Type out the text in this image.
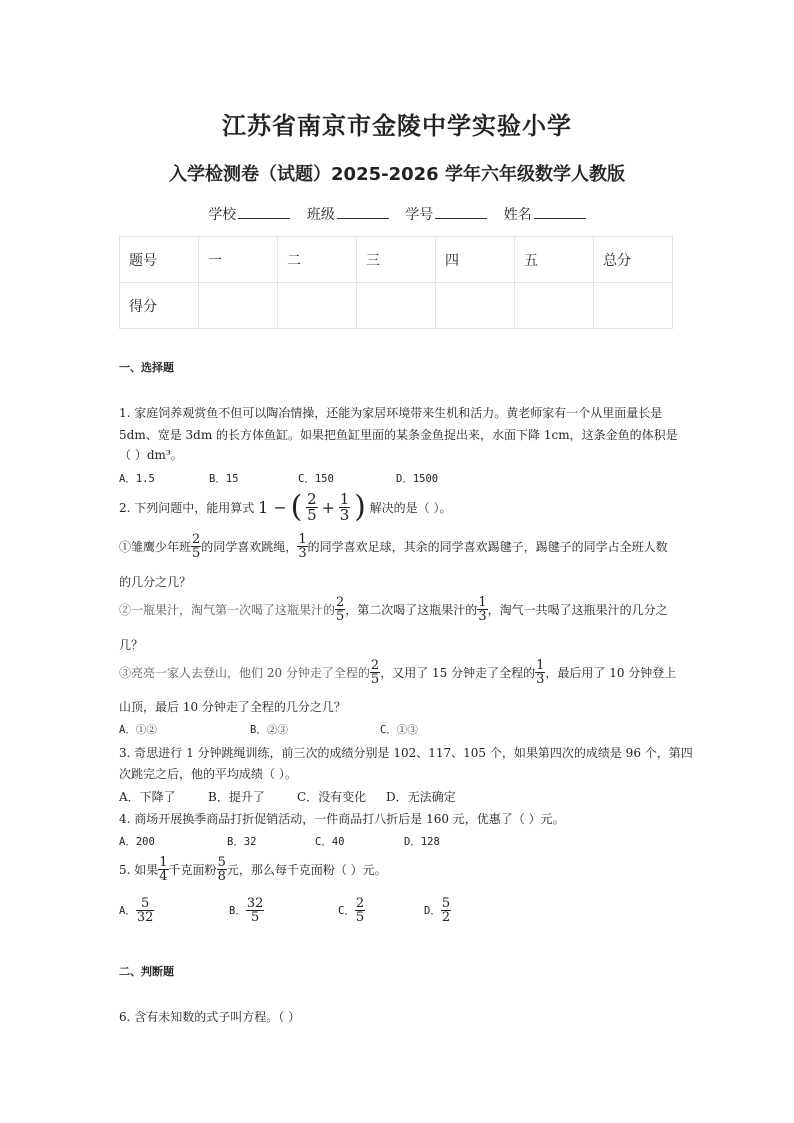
江苏省南京市金陵中学实验小学
入学检测卷（试题）2025-2026 学年六年级数学人教版
学校	班级	学号	姓名
题号	一	二	三	四	五	总分
得分						
一、选择题
1. 家庭饲养观赏鱼不但可以陶冶情操，还能为家居环境带来生机和活力。黄老师家有一个从里面量长是
5dm、宽是 3dm 的长方体鱼缸。如果把鱼缸里面的某条金鱼捉出来，水面下降 1cm，这条金鱼的体积是
（ ）dm³。
A．1.5	B．15	C．150	D．1500
2. 下列问题中，能用算式 1 − ( $\frac{2}{5} + \frac{1}{3}$ ) 解决的是（ ）。
①雏鹰少年班 $\frac{2}{5}$ 的同学喜欢跳绳， $\frac{1}{3}$ 的同学喜欢足球，其余的同学喜欢踢毽子，踢毽子的同学占全班人数
的几分之几？
②一瓶果汁，淘气第一次喝了这瓶果汁的 $\frac{2}{5}$ ，第二次喝了这瓶果汁的 $\frac{1}{3}$ ，淘气一共喝了这瓶果汁的几分之
几？
③亮亮一家人去登山，他们 20 分钟走了全程的 $\frac{2}{5}$ ，又用了 15 分钟走了全程的 $\frac{1}{3}$ ，最后用了 10 分钟登上
山顶，最后 10 分钟走了全程的几分之几？
A．①②	B．②③	C．①③
3. 奇思进行 1 分钟跳绳训练，前三次的成绩分别是 102、117、105 个，如果第四次的成绩是 96 个，第四
次跳完之后，他的平均成绩（ ）。
A．下降了	B．提升了	C．没有变化 D．无法确定
4. 商场开展换季商品打折促销活动，一件商品打八折后是 160 元，优惠了（ ）元。
A．200	B．32	C．40	D．128
5. 如果 $\frac{1}{4}$ 千克面粉 $\frac{5}{8}$ 元，那么每千克面粉（ ）元。
A． $\frac{5}{32}$	B． $\frac{32}{5}$	C． $\frac{2}{5}$	D． $\frac{5}{2}$
二、判断题
6. 含有未知数的式子叫方程。（ ）
